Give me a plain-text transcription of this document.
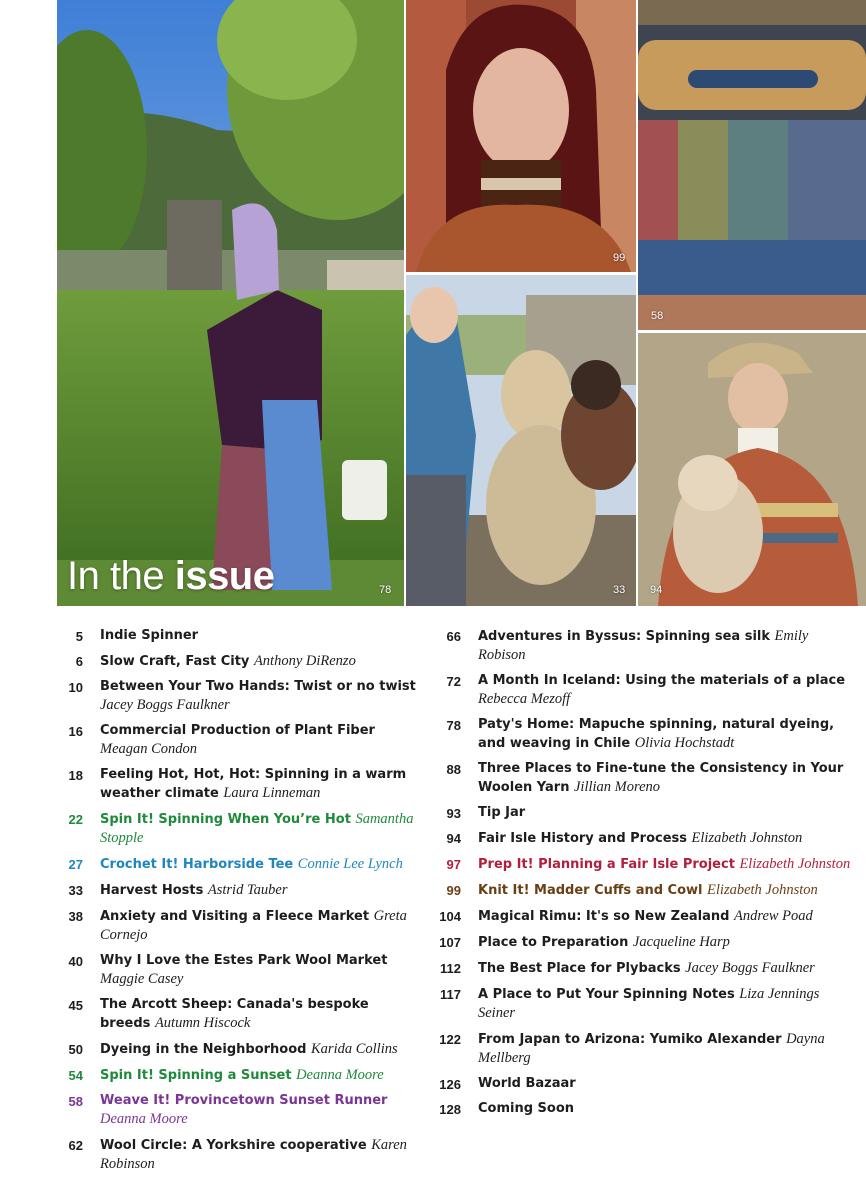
In the issue	78
99
58
33 94
5 Indie Spinner
6 Slow Craft, Fast City Anthony DiRenzo
10 Between Your Two Hands: Twist or no twist Jacey Boggs Faulkner
16 Commercial Production of Plant Fiber Meagan Condon
18 Feeling Hot, Hot, Hot: Spinning in a warm weather climate Laura Linneman
22 Spin It! Spinning When You’re Hot Samantha Stopple
27 Crochet It! Harborside Tee Connie Lee Lynch
33 Harvest Hosts Astrid Tauber
38 Anxiety and Visiting a Fleece Market Greta Cornejo
40 Why I Love the Estes Park Wool Market Maggie Casey
45 The Arcott Sheep: Canada's bespoke breeds Autumn Hiscock
50 Dyeing in the Neighborhood Karida Collins
54 Spin It! Spinning a Sunset Deanna Moore
58 Weave It! Provincetown Sunset Runner Deanna Moore
62 Wool Circle: A Yorkshire cooperative Karen Robinson
66 Adventures in Byssus: Spinning sea silk Emily Robison
72 A Month In Iceland: Using the materials of a place Rebecca Mezoff
78 Paty's Home: Mapuche spinning, natural dyeing, and weaving in Chile Olivia Hochstadt
88 Three Places to Fine-tune the Consistency in Your Woolen Yarn Jillian Moreno
93 Tip Jar
94 Fair Isle History and Process Elizabeth Johnston
97 Prep It! Planning a Fair Isle Project Elizabeth Johnston
99 Knit It! Madder Cuffs and Cowl Elizabeth Johnston
104 Magical Rimu: It's so New Zealand Andrew Poad
107 Place to Preparation Jacqueline Harp
112 The Best Place for Plybacks Jacey Boggs Faulkner
117 A Place to Put Your Spinning Notes Liza Jennings Seiner
122 From Japan to Arizona: Yumiko Alexander Dayna Mellberg
126 World Bazaar
128 Coming Soon
